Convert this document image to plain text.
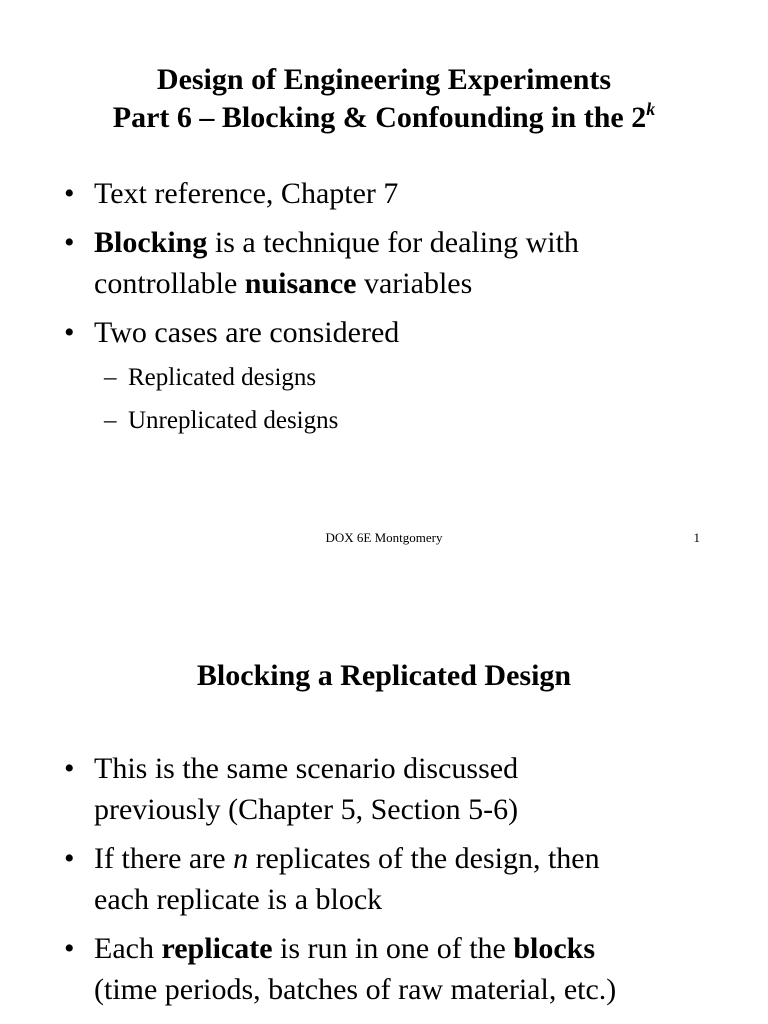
Design of Engineering Experiments
Part 6 – Blocking & Confounding in the 2$^k$
• Text reference, Chapter 7
• Blocking is a technique for dealing with
controllable nuisance variables
• Two cases are considered
– Replicated designs
– Unreplicated designs
DOX 6E Montgomery	1
Blocking a Replicated Design
• This is the same scenario discussed
previously (Chapter 5, Section 5-6)
• If there are n replicates of the design, then
each replicate is a block
• Each replicate is run in one of the blocks
(time periods, batches of raw material, etc.)
